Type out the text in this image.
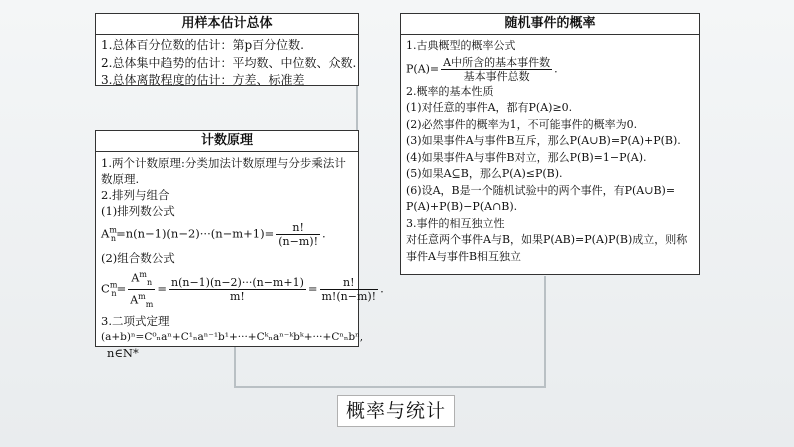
用样本估计总体
1.总体百分位数的估计：第p百分位数.
2.总体集中趋势的估计：平均数、中位数、众数.
3.总体离散程度的估计：方差、标准差
计数原理
1.两个计数原理:分类加法计数原理与分步乘法计
数原理.
2.排列与组合
(1)排列数公式
$A^m_n=n(n-1)(n-2)\cdot\cdot\cdot(n-m+1)= \frac{n!}{(n-m)!}$ .
(2)组合数公式
$C^m_n= \frac{A^m_n}{A^m_m} = \frac{n(n-1)(n-2)\cdot\cdot\cdot(n-m+1)}{m!} = \frac{n!}{m!(n-m)!}$
3.二项式定理
(a+b)ⁿ=C⁰ₙaⁿ+C¹ₙaⁿ⁻¹b¹+···+Cᵏₙaⁿ⁻ᵏbᵏ+···+Cⁿₙbⁿ,
n∈N*
随机事件的概率
1.古典概型的概率公式
$P(A)= \frac{\text{A中所含的基本事件数}}{\text{基本事件总数}}$ .
2.概率的基本性质
(1)对任意的事件A，都有P(A)≥0.
(2)必然事件的概率为1，不可能事件的概率为0.
(3)如果事件A与事件B互斥，那么P(A∪B)=P(A)+P(B).
(4)如果事件A与事件B对立，那么P(B)=1−P(A).
(5)如果A⊆B，那么P(A)≤P(B).
(6)设A，B是一个随机试验中的两个事件，有P(A∪B)=
P(A)+P(B)−P(A∩B).
3.事件的相互独立性
对任意两个事件A与B，如果P(AB)=P(A)P(B)成立，则称
事件A与事件B相互独立
概率与统计
